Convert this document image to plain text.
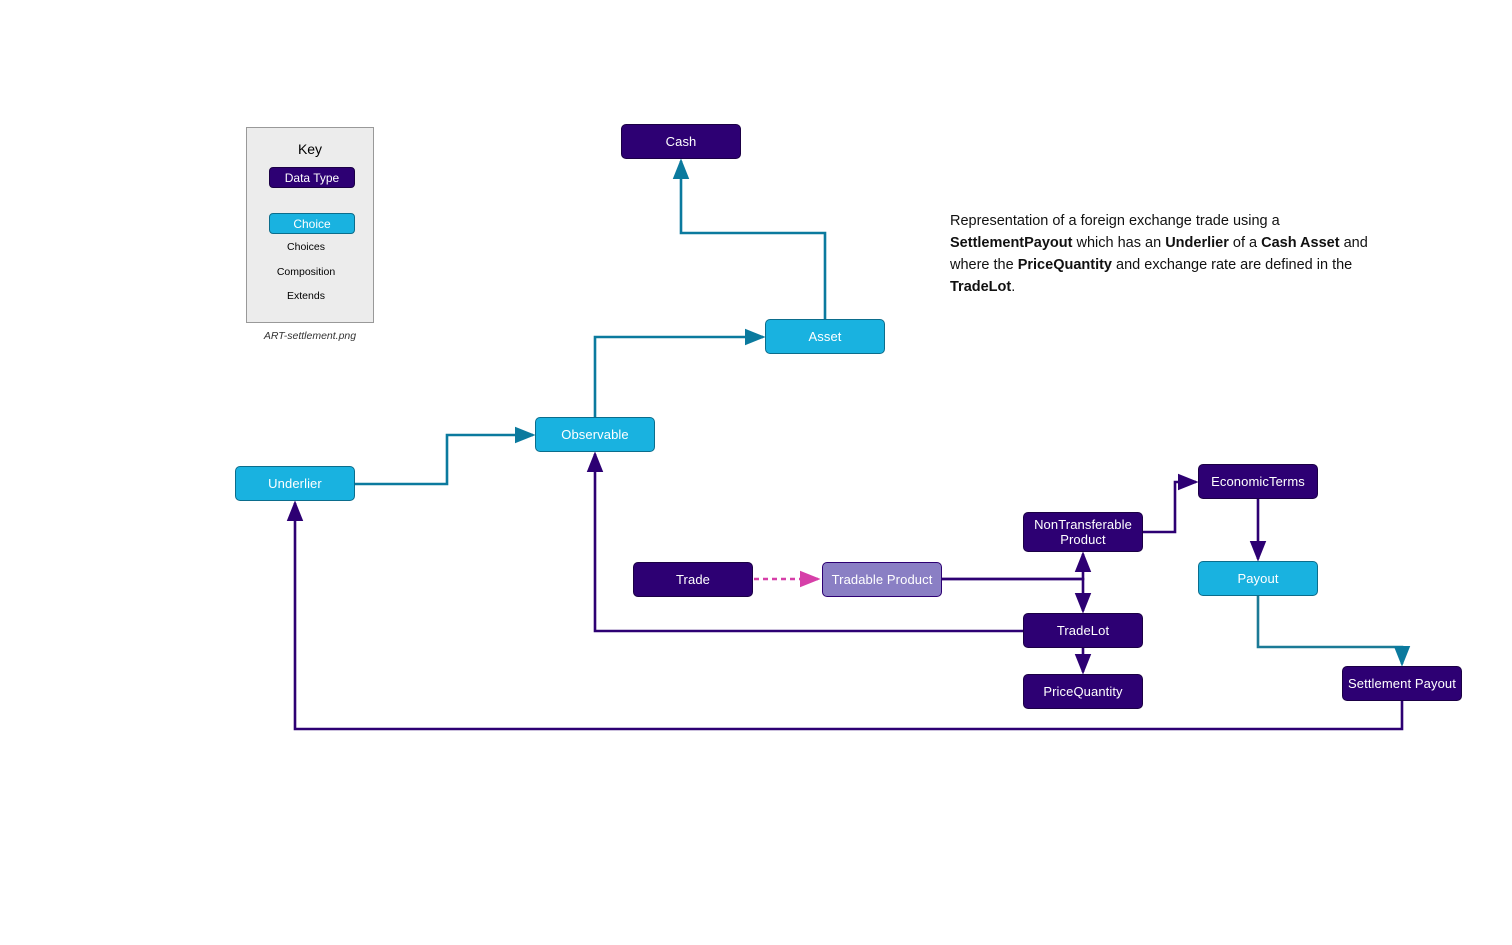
Key
Data Type
Choice
Choices
Composition
Extends
ART-settlement.png
Representation of a foreign exchange trade using a SettlementPayout which has an Underlier of a Cash Asset and where the PriceQuantity and exchange rate are defined in the TradeLot.
Cash
Asset
Observable
Underlier	EconomicTerms
NonTransferable Product
Trade	Tradable Product	Payout
TradeLot
PriceQuantity
Settlement Payout
